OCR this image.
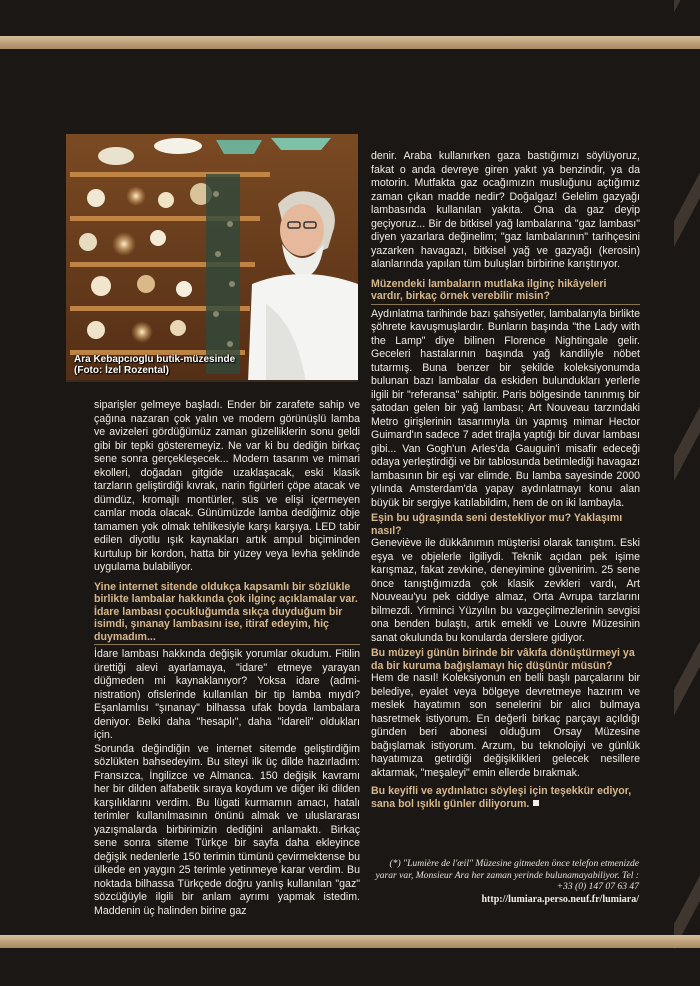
Ara Kebapcıoglu butik-müzesinde
(Foto: İzel Rozental)

siparişler gelmeye başladı. Ender bir zarafete sahip ve çağına nazaran çok yalın ve modern görünüşlü lamba ve avizeleri gördüğümüz zaman güzelliklerin sonu geldi gibi bir tepki gösteremeyiz. Ne var ki bu dediğin birkaç sene sonra gerçekleşecek... Modern tasarım ve mimari ekolleri, doğadan gitgide uzaklaşacak, eski klasik tarzların geliştirdiği kıvrak, narin figürleri çöpe atacak ve dümdüz, kromajlı montürler, süs ve elişi içermeyen camlar moda olacak. Günümüzde lamba dediğimiz obje tamamen yok olmak tehlikesiyle karşı karşıya. LED tabir edilen diyotlu ışık kaynakları artık ampul biçiminden kurtulup bir kordon, hatta bir yüzey veya levha şeklinde uygulama bulabiliyor.

Yine internet sitende oldukça kapsamlı bir sözlükle birlikte lambalar hakkında çok ilginç açıklamalar var. İdare lambası çocukluğumda sıkça duyduğum bir isimdi, şınanay lambasını ise, itiraf edeyim, hiç duymadım...

İdare lambası hakkında değişik yorumlar okudum. Fitilin ürettiği alevi ayarlamaya, "idare" etmeye yarayan düğmeden mi kaynaklanıyor? Yoksa idare (administration) ofislerinde kullanılan bir tip lamba mıydı? Eşanlamlısı "şınanay" bilhassa ufak boyda lambalara deniyor. Belki daha "hesaplı", daha "idareli" oldukları için.

Sorunda değindiğin ve internet sitemde geliştirdiğim sözlükten bahsedeyim. Bu siteyi ilk üç dilde hazırladım: Fransızca, İngilizce ve Almanca. 150 değişik kavramı her bir dilden alfabetik sıraya koydum ve diğer iki dilden karşılıklarını verdim. Bu lügati kurmamın amacı, hatalı terimler kullanılmasının önünü almak ve uluslararası yazışmalarda birbirimizin dediğini anlamaktı. Birkaç sene sonra siteme Türkçe bir sayfa daha ekleyince değişik nedenlerle 150 terimin tümünü çevirmektense bu ülkede en yaygın 25 terimle yetinmeye karar verdim. Bu noktada bilhassa Türkçede doğru yanlış kullanılan "gaz" sözcüğüyle ilgili bir anlam ayrımı yapmak istedim. Maddenin üç halinden birine gaz

denir. Araba kullanırken gaza bastığımızı söylüyoruz, fakat o anda devreye giren yakıt ya benzindir, ya da motorin. Mutfakta gaz ocağımızın musluğunu açtığımız zaman çıkan madde nedir? Doğalgaz! Gelelim gazyağı lambasında kullanılan yakıta. Ona da gaz deyip geçiyoruz... Bir de bitkisel yağ lambalarına "gaz lambası" diyen yazarlara değinelim; "gaz lambalarının" tarihçesini yazarken havagazı, bitkisel yağ ve gazyağı (kerosin) alanlarında yapılan tüm buluşları birbirine karıştırıyor.

Müzendeki lambaların mutlaka ilginç hikâyeleri vardır, birkaç örnek verebilir misin?

Aydınlatma tarihinde bazı şahsiyetler, lambalarıyla birlikte şöhrete kavuşmuşlardır. Bunların başında "the Lady with the Lamp" diye bilinen Florence Nightingale gelir. Geceleri hastalarının başında yağ kandiliyle nöbet tutarmış. Buna benzer bir şekilde koleksiyonumda bulunan bazı lambalar da eskiden bulundukları yerlerle ilgili bir "referansa" sahiptir. Paris bölgesinde tanınmış bir şatodan gelen bir yağ lambası; Art Nouveau tarzındaki Metro girişlerinin tasarımıyla ün yapmış mimar Hector Guimard'ın sadece 7 adet tirajla yaptığı bir duvar lambası gibi... Van Gogh'un Arles'da Gauguin'i misafir edeceği odaya yerleştirdiği ve bir tablosunda betimlediği havagazı lambasının bir eşi var elimde. Bu lamba sayesinde 2000 yılında Amsterdam'da yapay aydınlatmayı konu alan büyük bir sergiye katılabildim, hem de on iki lambayla.

Eşin bu uğraşında seni destekliyor mu? Yaklaşımı nasıl?

Geneviève ile dükkânımın müşterisi olarak tanıştım. Eski eşya ve objelerle ilgiliydi. Teknik açıdan pek işime karışmaz, fakat zevkine, deneyimine güvenirim. 25 sene önce tanıştığımızda çok klasik zevkleri vardı, Art Nouveau'yu pek ciddiye almaz, Orta Avrupa tarzlarını bilmezdi. Yirminci Yüzyılın bu vazgeçilmezlerinin sevgisi ona benden bulaştı, artık emekli ve Louvre Müzesinin sanat okulunda bu konularda derslere gidiyor.

Bu müzeyi günün birinde bir vâkıfa dönüştürmeyi ya da bir kuruma bağışlamayı hiç düşünür müsün?

Hem de nasıl! Koleksiyonun en belli başlı parçalarını bir belediye, eyalet veya bölgeye devretmeye hazırım ve meslek hayatımın son senelerini bir alıcı bulmaya hasretmek istiyorum. En değerli birkaç parçayı açıldığı günden beri abonesi olduğum Orsay Müzesine bağışlamak istiyorum. Arzum, bu teknolojiyi ve günlük hayatımıza getirdiği değişiklikleri gelecek nesillere aktarmak, "meşaleyi" emin ellerde bırakmak.

Bu keyifli ve aydınlatıcı söyleşi için teşekkür ediyor, sana bol ışıklı günler diliyorum.

(*) "Lumière de l'œil" Müzesine gitmeden önce telefon etmenizde yarar var, Monsieur Ara her zaman yerinde bulunamayabiliyor. Tel : +33 (0) 147 07 63 47
http://lumiara.perso.neuf.fr/lumiara/
